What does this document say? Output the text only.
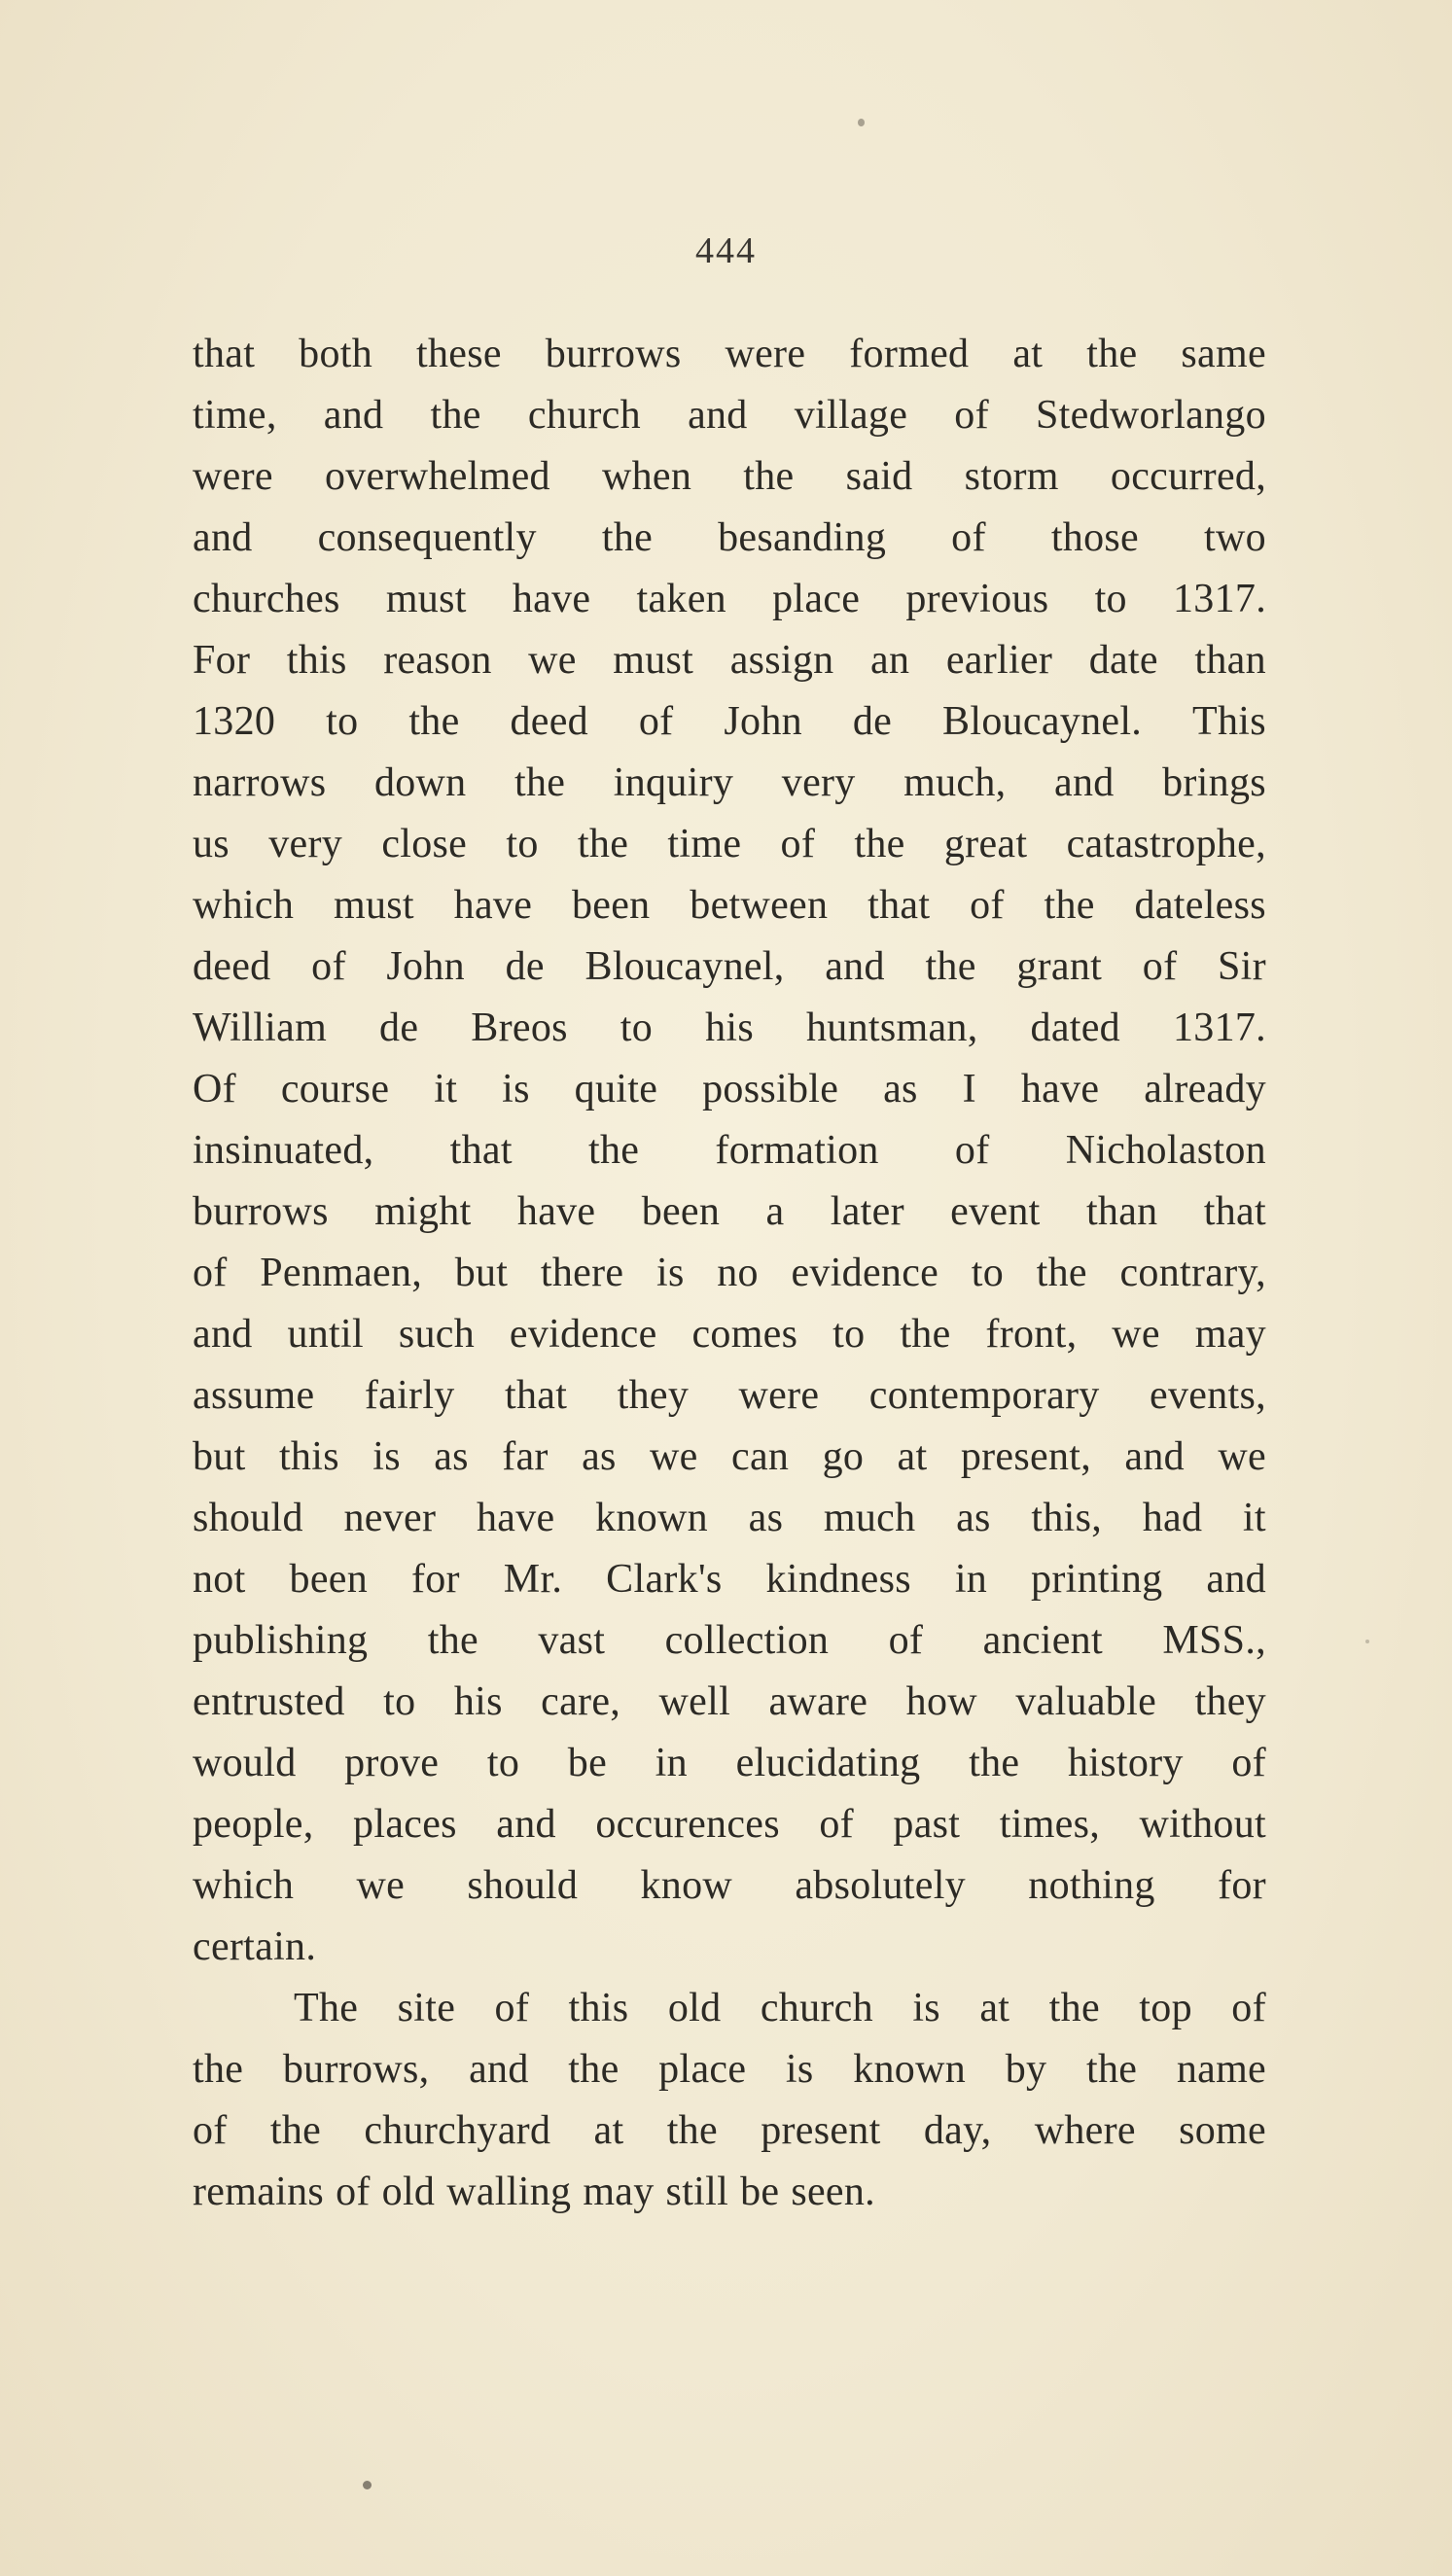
444
that both these burrows were formed at the same
time, and the church and village of Stedworlango
were overwhelmed when the said storm occurred,
and consequently the besanding of those two
churches must have taken place previous to 1317.
For this reason we must assign an earlier date than
1320 to the deed of John de Bloucaynel. This
narrows down the inquiry very much, and brings
us very close to the time of the great catastrophe,
which must have been between that of the dateless
deed of John de Bloucaynel, and the grant of Sir
William de Breos to his huntsman, dated 1317.
Of course it is quite possible as I have already
insinuated, that the formation of Nicholaston
burrows might have been a later event than that
of Penmaen, but there is no evidence to the contrary,
and until such evidence comes to the front, we may
assume fairly that they were contemporary events,
but this is as far as we can go at present, and we
should never have known as much as this, had it
not been for Mr. Clark's kindness in printing and
publishing the vast collection of ancient MSS.,
entrusted to his care, well aware how valuable they
would prove to be in elucidating the history of
people, places and occurences of past times, without
which we should know absolutely nothing for
certain.
The site of this old church is at the top of
the burrows, and the place is known by the name
of the churchyard at the present day, where some
remains of old walling may still be seen.
